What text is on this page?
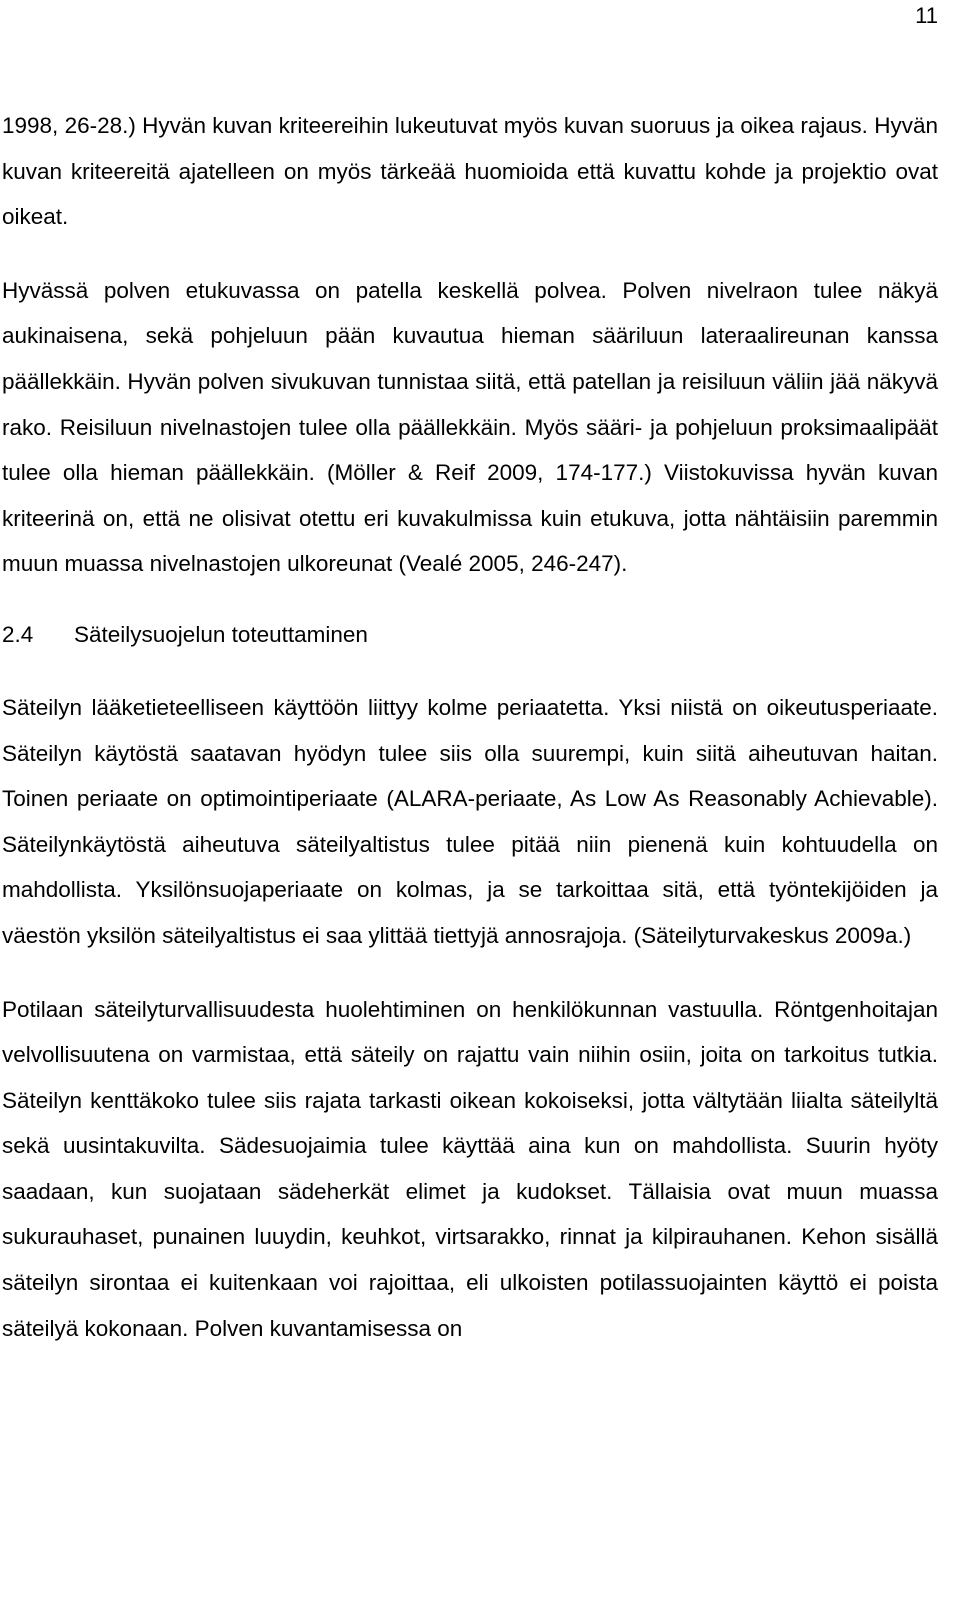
11

1998, 26-28.) Hyvän kuvan kriteereihin lukeutuvat myös kuvan suoruus ja oikea rajaus. Hyvän kuvan kriteereitä ajatelleen on myös tärkeää huomioida että kuvattu kohde ja projektio ovat oikeat.

Hyvässä polven etukuvassa on patella keskellä polvea. Polven nivelraon tulee näkyä aukinaisena, sekä pohjeluun pään kuvautua hieman sääriluun lateraalireunan kanssa päällekkäin. Hyvän polven sivukuvan tunnistaa siitä, että patellan ja reisiluun väliin jää näkyvä rako. Reisiluun nivelnastojen tulee olla päällekkäin. Myös sääri- ja pohjeluun proksimaalipäät tulee olla hieman päällekkäin. (Möller & Reif 2009, 174-177.) Viistokuvissa hyvän kuvan kriteerinä on, että ne olisivat otettu eri kuvakulmissa kuin etukuva, jotta nähtäisiin paremmin muun muassa nivelnastojen ulkoreunat (Vealé 2005, 246-247).

2.4	Säteilysuojelun toteuttaminen

Säteilyn lääketieteelliseen käyttöön liittyy kolme periaatetta. Yksi niistä on oikeutusperiaate. Säteilyn käytöstä saatavan hyödyn tulee siis olla suurempi, kuin siitä aiheutuvan haitan. Toinen periaate on optimointiperiaate (ALARA-periaate, As Low As Reasonably Achievable). Säteilynkäytöstä aiheutuva säteilyaltistus tulee pitää niin pienenä kuin kohtuudella on mahdollista. Yksilönsuojaperiaate on kolmas, ja se tarkoittaa sitä, että työntekijöiden ja väestön yksilön säteilyaltistus ei saa ylittää tiettyjä annosrajoja. (Säteilyturvakeskus 2009a.)

Potilaan säteilyturvallisuudesta huolehtiminen on henkilökunnan vastuulla. Röntgenhoitajan velvollisuutena on varmistaa, että säteily on rajattu vain niihin osiin, joita on tarkoitus tutkia. Säteilyn kenttäkoko tulee siis rajata tarkasti oikean kokoiseksi, jotta vältytään liialta säteilyltä sekä uusintakuvilta. Sädesuojaimia tulee käyttää aina kun on mahdollista. Suurin hyöty saadaan, kun suojataan sädeherkät elimet ja kudokset. Tällaisia ovat muun muassa sukurauhaset, punainen luuydin, keuhkot, virtsarakko, rinnat ja kilpirauhanen. Kehon sisällä säteilyn sirontaa ei kuitenkaan voi rajoittaa, eli ulkoisten potilassuojainten käyttö ei poista säteilyä kokonaan. Polven kuvantamisessa on
